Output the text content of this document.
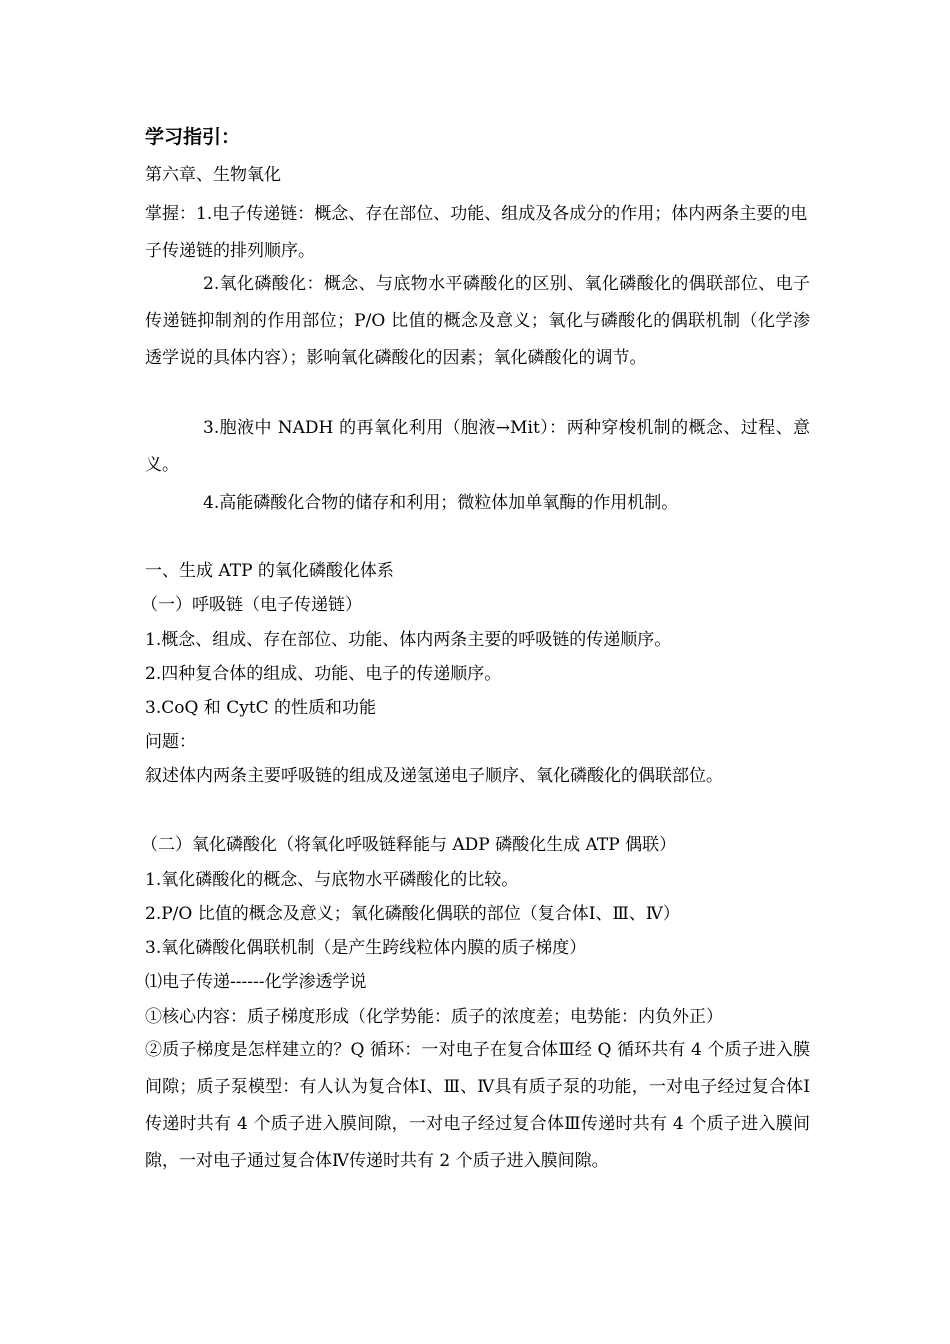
学习指引：
第六章、生物氧化
掌握：1.电子传递链：概念、存在部位、功能、组成及各成分的作用；体内两条主要的电子传递链的排列顺序。
2.氧化磷酸化：概念、与底物水平磷酸化的区别、氧化磷酸化的偶联部位、电子传递链抑制剂的作用部位；P/O 比值的概念及意义；氧化与磷酸化的偶联机制（化学渗透学说的具体内容）；影响氧化磷酸化的因素；氧化磷酸化的调节。
3.胞液中 NADH 的再氧化利用（胞液→Mit）：两种穿梭机制的概念、过程、意义。
4.高能磷酸化合物的储存和利用；微粒体加单氧酶的作用机制。
一、生成 ATP 的氧化磷酸化体系
（一）呼吸链（电子传递链）
1.概念、组成、存在部位、功能、体内两条主要的呼吸链的传递顺序。
2.四种复合体的组成、功能、电子的传递顺序。
3.CoQ 和 CytC 的性质和功能
问题：
叙述体内两条主要呼吸链的组成及递氢递电子顺序、氧化磷酸化的偶联部位。
（二）氧化磷酸化（将氧化呼吸链释能与 ADP 磷酸化生成 ATP 偶联）
1.氧化磷酸化的概念、与底物水平磷酸化的比较。
2.P/O 比值的概念及意义；氧化磷酸化偶联的部位（复合体Ⅰ、Ⅲ、Ⅳ）
3.氧化磷酸化偶联机制（是产生跨线粒体内膜的质子梯度）
⑴电子传递------化学渗透学说
①核心内容：质子梯度形成（化学势能：质子的浓度差；电势能：内负外正）
②质子梯度是怎样建立的？Q 循环：一对电子在复合体Ⅲ经 Q 循环共有 4 个质子进入膜间隙；质子泵模型：有人认为复合体Ⅰ、Ⅲ、Ⅳ具有质子泵的功能，一对电子经过复合体Ⅰ传递时共有 4 个质子进入膜间隙，一对电子经过复合体Ⅲ传递时共有 4 个质子进入膜间隙，一对电子通过复合体Ⅳ传递时共有 2 个质子进入膜间隙。
